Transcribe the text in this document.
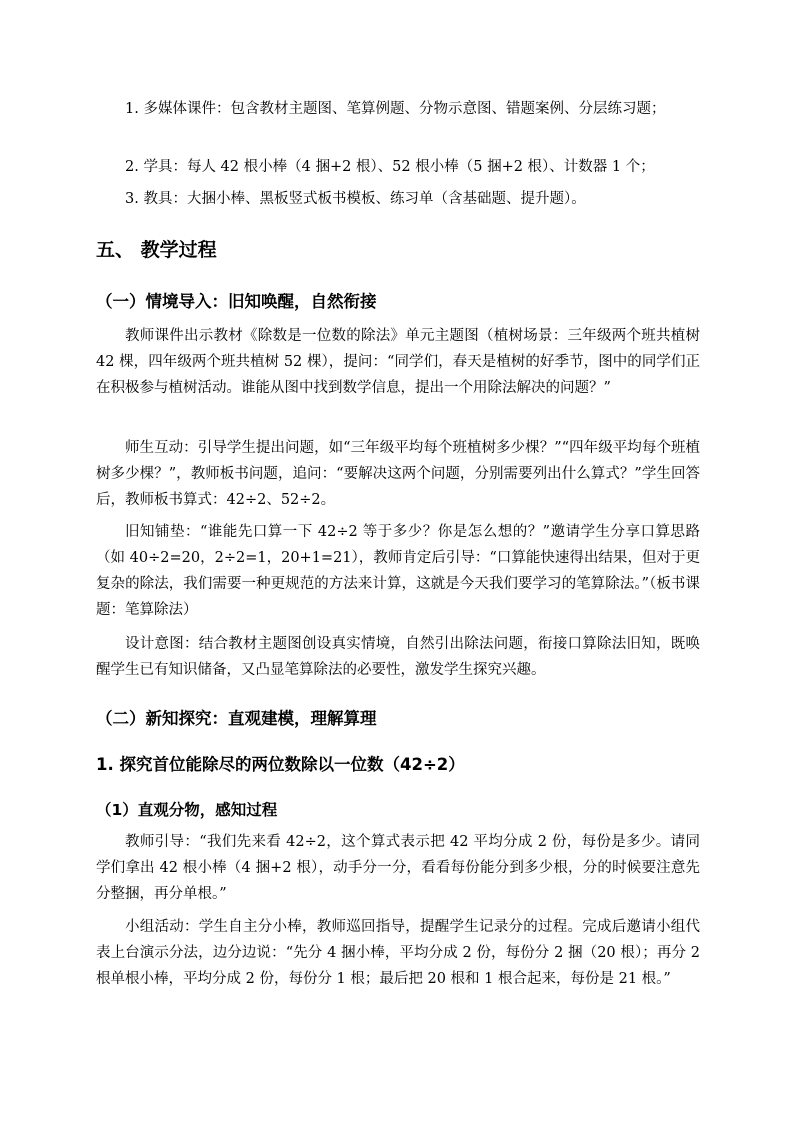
1. 多媒体课件：包含教材主题图、笔算例题、分物示意图、错题案例、分层练习题；

2. 学具：每人 42 根小棒（4 捆+2 根）、52 根小棒（5 捆+2 根）、计数器 1 个；

3. 教具：大捆小棒、黑板竖式板书模板、练习单（含基础题、提升题）。

五、 教学过程
（一）情境导入：旧知唤醒，自然衔接

教师课件出示教材《除数是一位数的除法》单元主题图（植树场景：三年级两个班共植树 42 棵，四年级两个班共植树 52 棵），提问：“同学们，春天是植树的好季节，图中的同学们正在积极参与植树活动。谁能从图中找到数学信息，提出一个用除法解决的问题？”

师生互动：引导学生提出问题，如“三年级平均每个班植树多少棵？”“四年级平均每个班植树多少棵？”，教师板书问题，追问：“要解决这两个问题，分别需要列出什么算式？”学生回答后，教师板书算式：42÷2、52÷2。

旧知铺垫：“谁能先口算一下 42÷2 等于多少？你是怎么想的？”邀请学生分享口算思路（如 40÷2=20，2÷2=1，20+1=21），教师肯定后引导：“口算能快速得出结果，但对于更复杂的除法，我们需要一种更规范的方法来计算，这就是今天我们要学习的笔算除法。”（板书课题：笔算除法）

设计意图：结合教材主题图创设真实情境，自然引出除法问题，衔接口算除法旧知，既唤醒学生已有知识储备，又凸显笔算除法的必要性，激发学生探究兴趣。

（二）新知探究：直观建模，理解算理
1. 探究首位能除尽的两位数除以一位数（42÷2）
（1）直观分物，感知过程

教师引导：“我们先来看 42÷2，这个算式表示把 42 平均分成 2 份，每份是多少。请同学们拿出 42 根小棒（4 捆+2 根），动手分一分，看看每份能分到多少根，分的时候要注意先分整捆，再分单根。”

小组活动：学生自主分小棒，教师巡回指导，提醒学生记录分的过程。完成后邀请小组代表上台演示分法，边分边说：“先分 4 捆小棒，平均分成 2 份，每份分 2 捆（20 根）；再分 2 根单根小棒，平均分成 2 份，每份分 1 根；最后把 20 根和 1 根合起来，每份是 21 根。”
